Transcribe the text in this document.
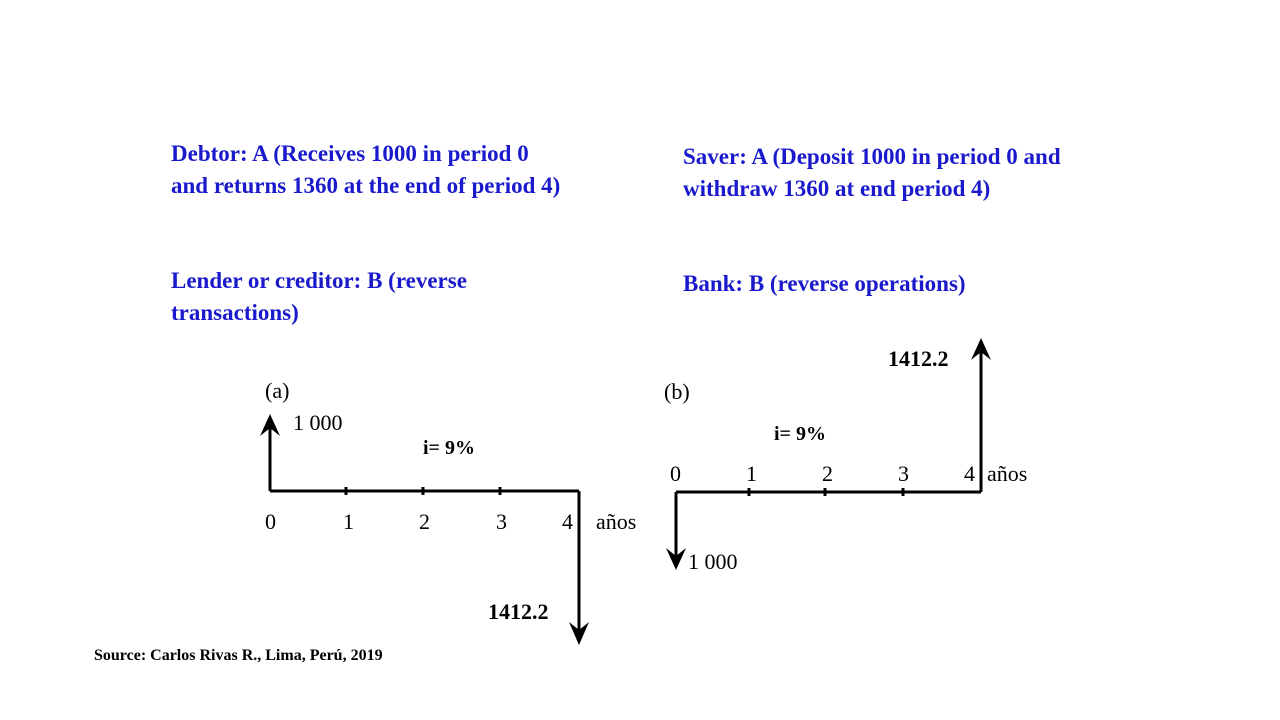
Debtor: A (Receives 1000 in period 0 and returns 1360 at the end of period 4)

Lender or creditor: B (reverse transactions)

Saver: A (Deposit 1000 in period 0 and withdraw 1360 at end period 4)

Bank: B (reverse operations)

(a)
1 000
1412.2
i= 9%
0	1	2	3	4 años
(b)
1 000
1412.2
i= 9%
0	1	2	3	4 años
Source: Carlos Rivas R., Lima, Perú, 2019
